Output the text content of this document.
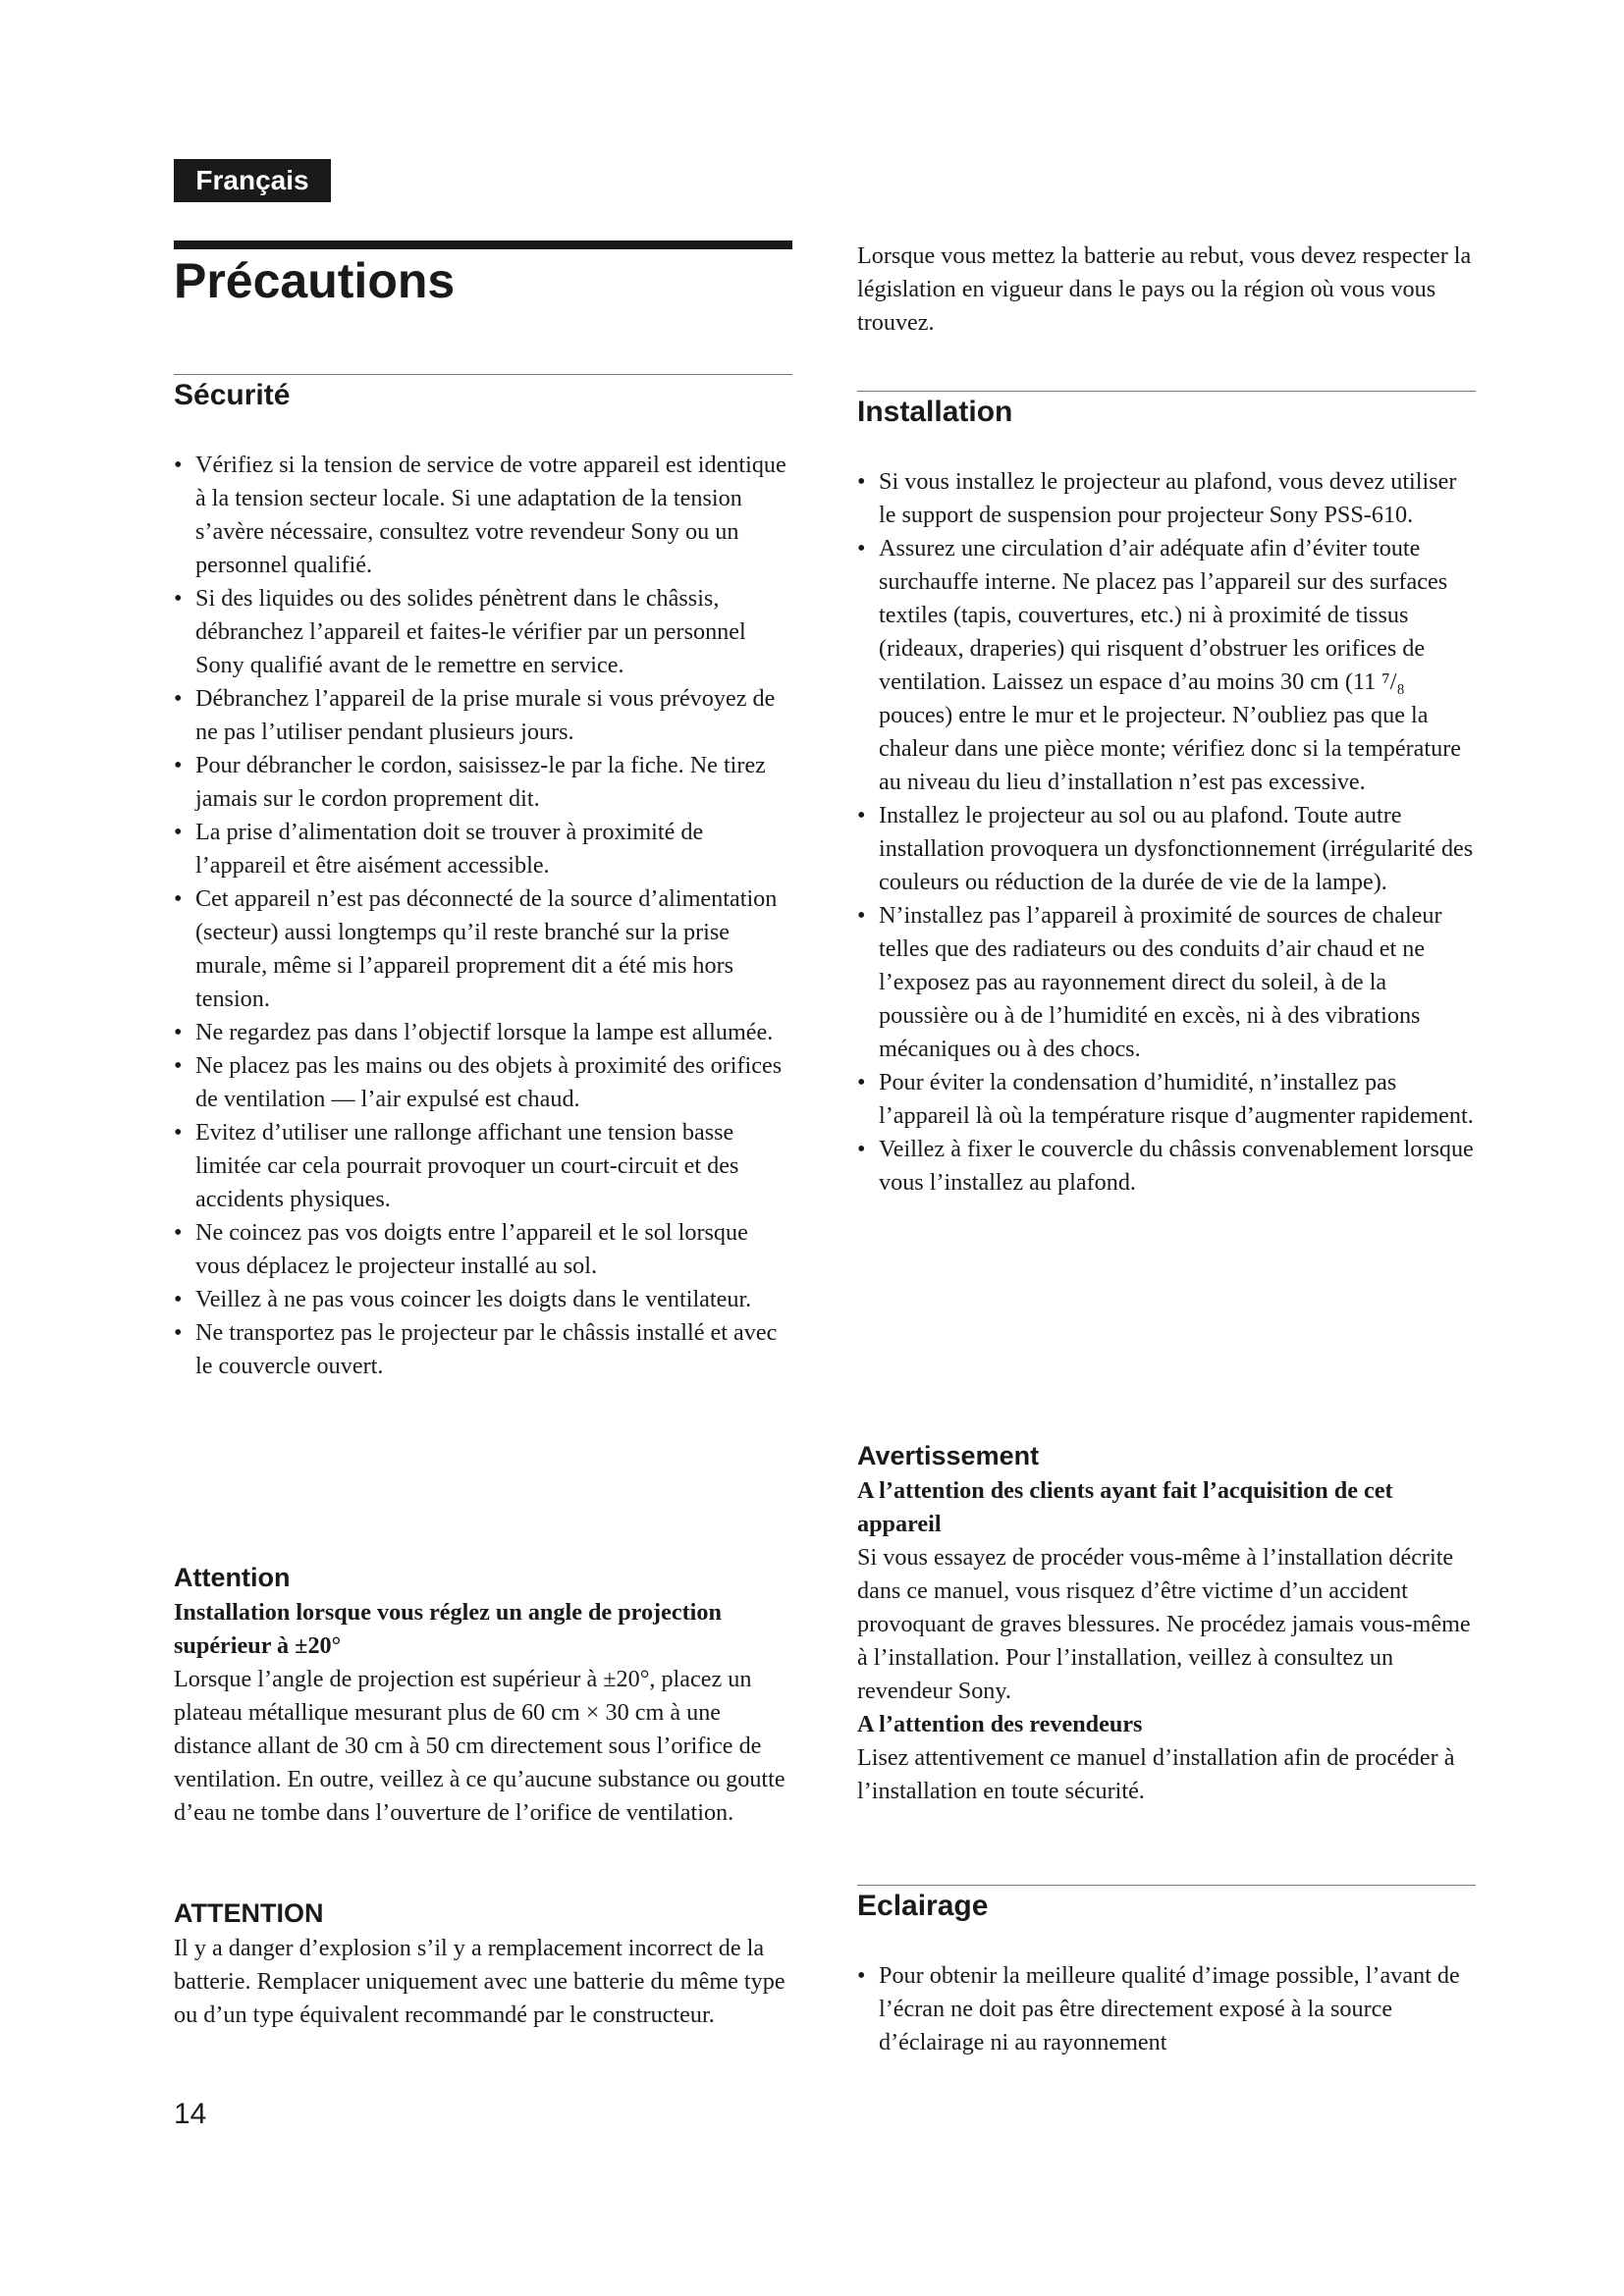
Français
Précautions
Sécurité
• Vérifiez si la tension de service de votre appareil est identique à la tension secteur locale. Si une adaptation de la tension s’avère nécessaire, consultez votre revendeur Sony ou un personnel qualifié.
• Si des liquides ou des solides pénètrent dans le châssis, débranchez l’appareil et faites-le vérifier par un personnel Sony qualifié avant de le remettre en service.
• Débranchez l’appareil de la prise murale si vous prévoyez de ne pas l’utiliser pendant plusieurs jours.
• Pour débrancher le cordon, saisissez-le par la fiche. Ne tirez jamais sur le cordon proprement dit.
• La prise d’alimentation doit se trouver à proximité de l’appareil et être aisément accessible.
• Cet appareil n’est pas déconnecté de la source d’alimentation (secteur) aussi longtemps qu’il reste branché sur la prise murale, même si l’appareil proprement dit a été mis hors tension.
• Ne regardez pas dans l’objectif lorsque la lampe est allumée.
• Ne placez pas les mains ou des objets à proximité des orifices de ventilation — l’air expulsé est chaud.
• Evitez d’utiliser une rallonge affichant une tension basse limitée car cela pourrait provoquer un court-circuit et des accidents physiques.
• Ne coincez pas vos doigts entre l’appareil et le sol lorsque vous déplacez le projecteur installé au sol.
• Veillez à ne pas vous coincer les doigts dans le ventilateur.
• Ne transportez pas le projecteur par le châssis installé et avec le couvercle ouvert.
Attention

Installation lorsque vous réglez un angle de projection supérieur à ±20°

Lorsque l’angle de projection est supérieur à ±20°, placez un plateau métallique mesurant plus de 60 cm × 30 cm à une distance allant de 30 cm à 50 cm directement sous l’orifice de ventilation. En outre, veillez à ce qu’aucune substance ou goutte d’eau ne tombe dans l’ouverture de l’orifice de ventilation.

ATTENTION

Il y a danger d’explosion s’il y a remplacement incorrect de la batterie. Remplacer uniquement avec une batterie du même type ou d’un type équivalent recommandé par le constructeur.

Lorsque vous mettez la batterie au rebut, vous devez respecter la législation en vigueur dans le pays ou la région où vous vous trouvez.

Installation
• Si vous installez le projecteur au plafond, vous devez utiliser le support de suspension pour projecteur Sony PSS-610.
• Assurez une circulation d’air adéquate afin d’éviter toute surchauffe interne. Ne placez pas l’appareil sur des surfaces textiles (tapis, couvertures, etc.) ni à proximité de tissus (rideaux, draperies) qui risquent d’obstruer les orifices de ventilation. Laissez un espace d’au moins 30 cm (11 ⁷/₈ pouces) entre le mur et le projecteur. N’oubliez pas que la chaleur dans une pièce monte; vérifiez donc si la température au niveau du lieu d’installation n’est pas excessive.
• Installez le projecteur au sol ou au plafond. Toute autre installation provoquera un dysfonctionnement (irrégularité des couleurs ou réduction de la durée de vie de la lampe).
• N’installez pas l’appareil à proximité de sources de chaleur telles que des radiateurs ou des conduits d’air chaud et ne l’exposez pas au rayonnement direct du soleil, à de la poussière ou à de l’humidité en excès, ni à des vibrations mécaniques ou à des chocs.
• Pour éviter la condensation d’humidité, n’installez pas l’appareil là où la température risque d’augmenter rapidement.
• Veillez à fixer le couvercle du châssis convenablement lorsque vous l’installez au plafond.
Avertissement

A l’attention des clients ayant fait l’acquisition de cet appareil

Si vous essayez de procéder vous-même à l’installation décrite dans ce manuel, vous risquez d’être victime d’un accident provoquant de graves blessures. Ne procédez jamais vous-même à l’installation. Pour l’installation, veillez à consultez un revendeur Sony.

A l’attention des revendeurs

Lisez attentivement ce manuel d’installation afin de procéder à l’installation en toute sécurité.

Eclairage
• Pour obtenir la meilleure qualité d’image possible, l’avant de l’écran ne doit pas être directement exposé à la source d’éclairage ni au rayonnement
14
